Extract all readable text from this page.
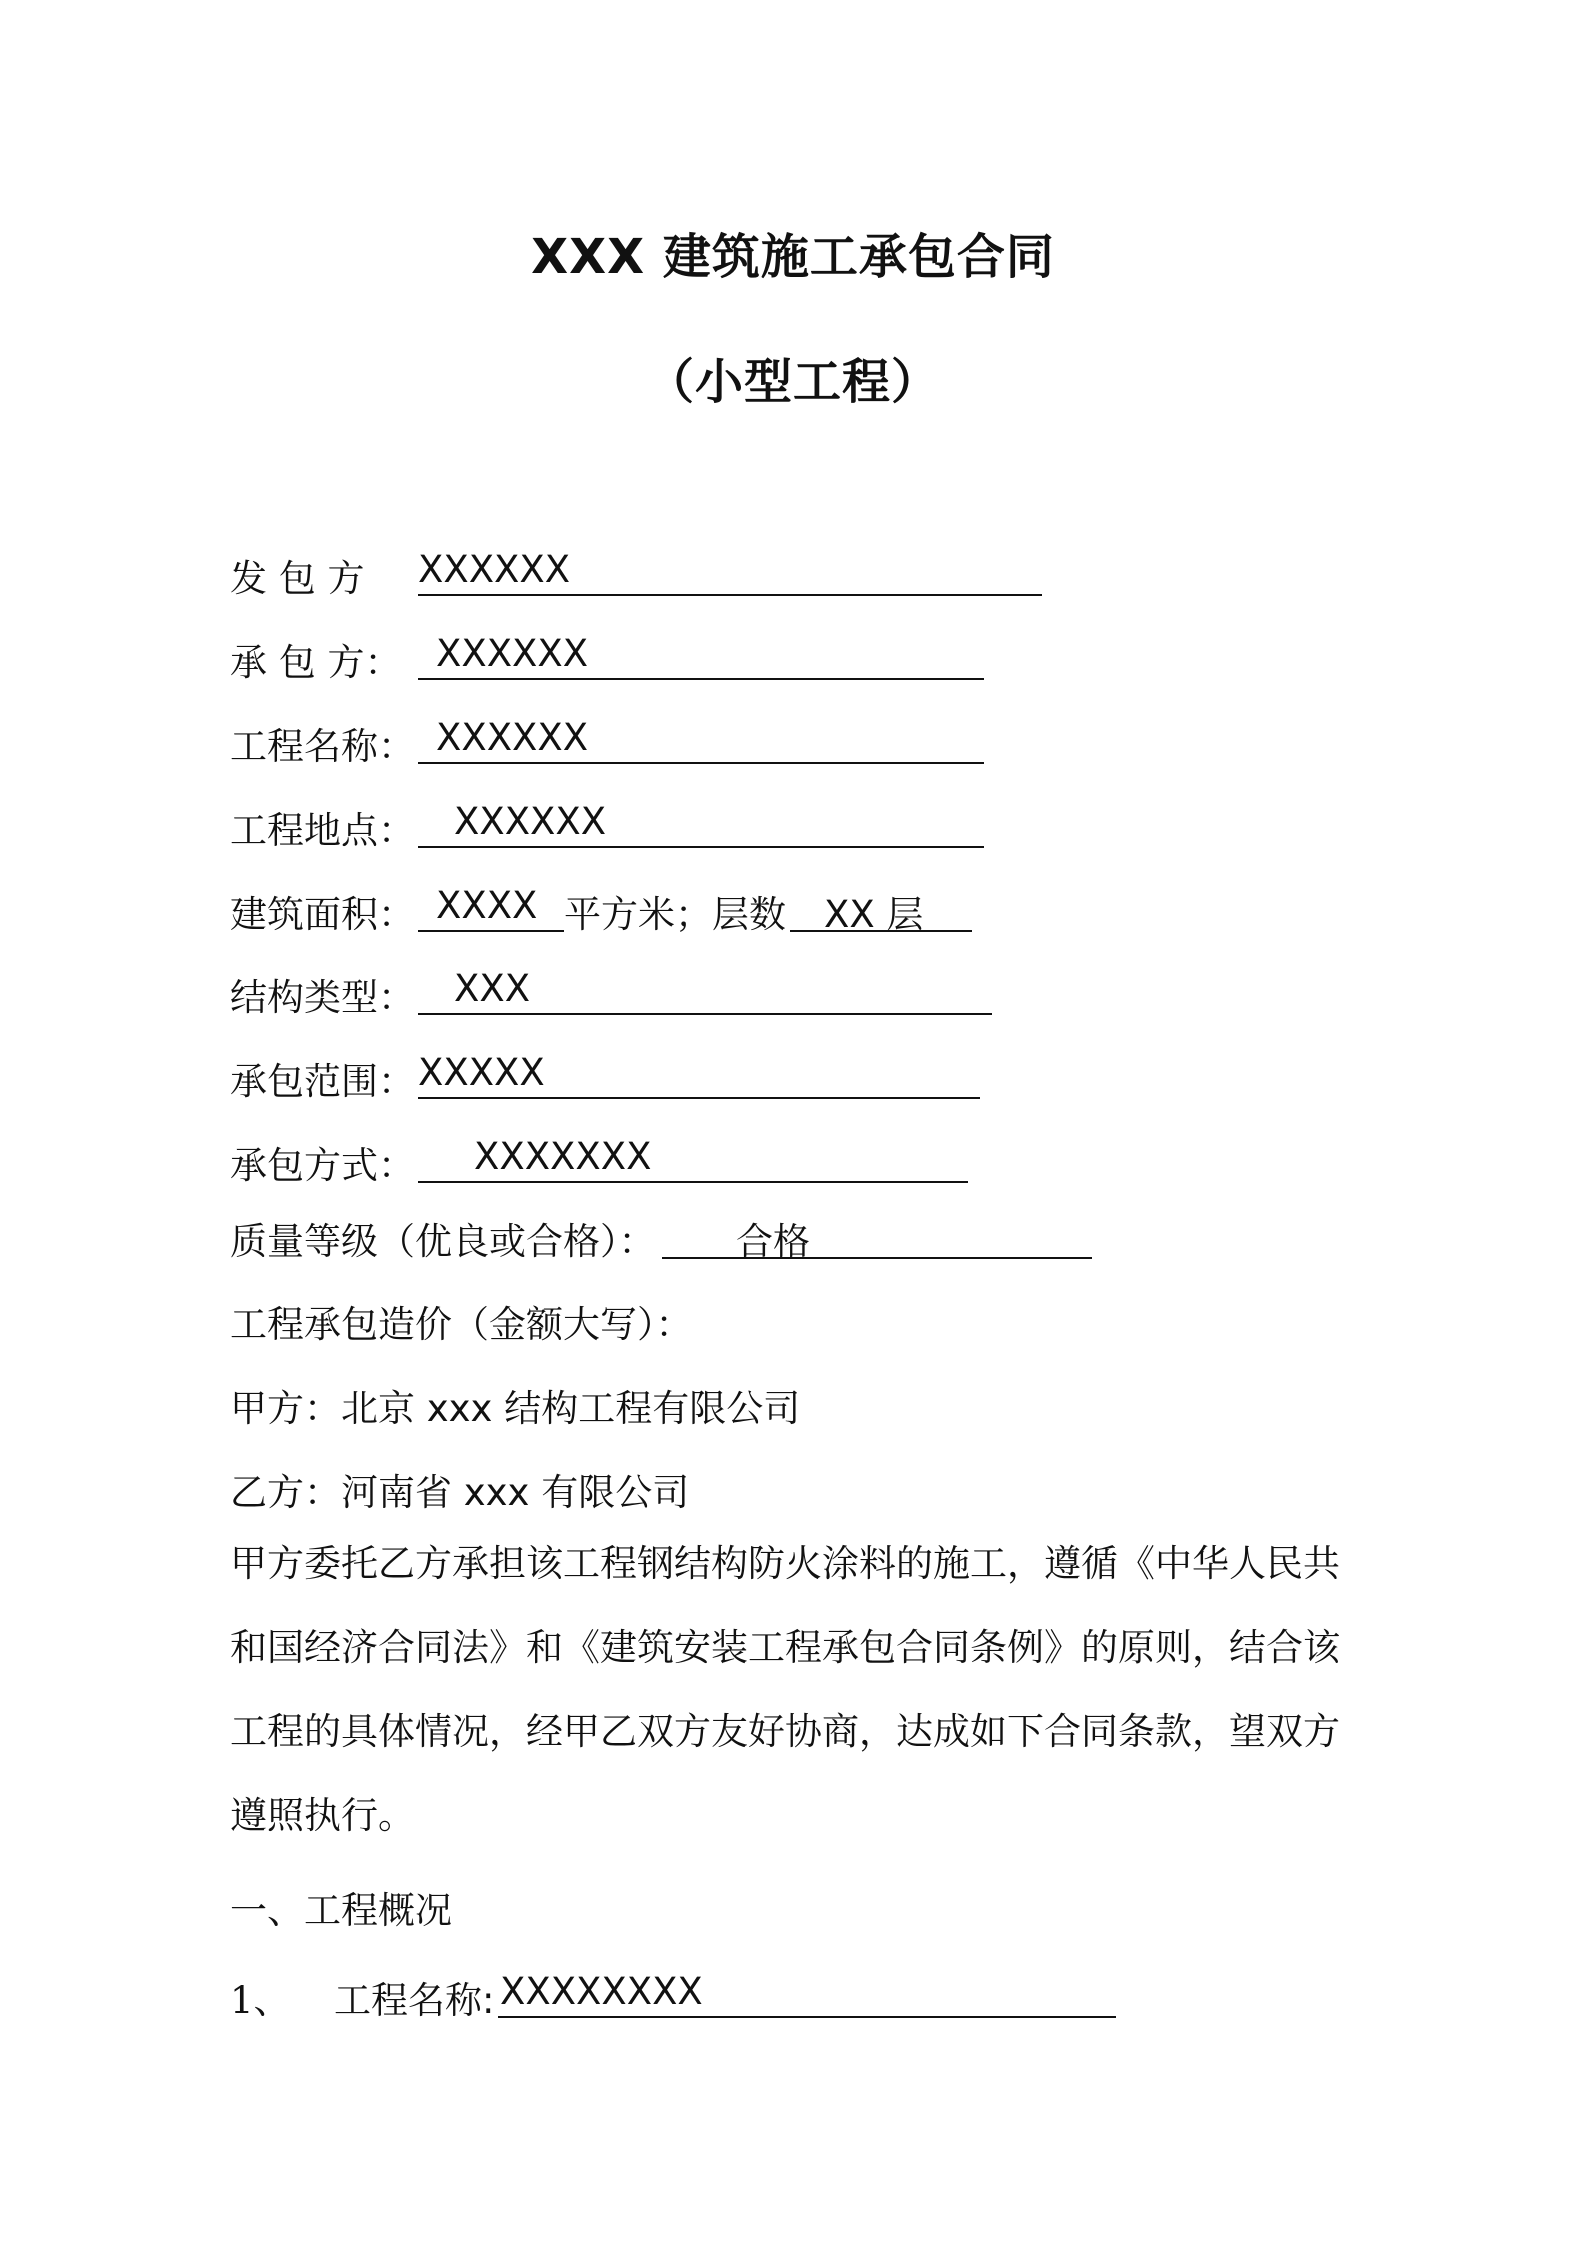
XXX 建筑施工承包合同
（小型工程）
发 包 方 XXXXXX
承 包 方： XXXXXX
工程名称： XXXXXX
工程地点： XXXXXX
建筑面积： XXXX 平方米；层数 XX 层
结构类型： XXX
承包范围： XXXXX
承包方式： XXXXXXX
质量等级（优良或合格）： 合格
工程承包造价（金额大写）：
甲方：北京 xxx 结构工程有限公司
乙方：河南省 xxx 有限公司
甲方委托乙方承担该工程钢结构防火涂料的施工，遵循《中华人民共
和国经济合同法》和《建筑安装工程承包合同条例》的原则，结合该
工程的具体情况，经甲乙双方友好协商，达成如下合同条款，望双方
遵照执行。
一、工程概况
1、 工程名称: XXXXXXXX
